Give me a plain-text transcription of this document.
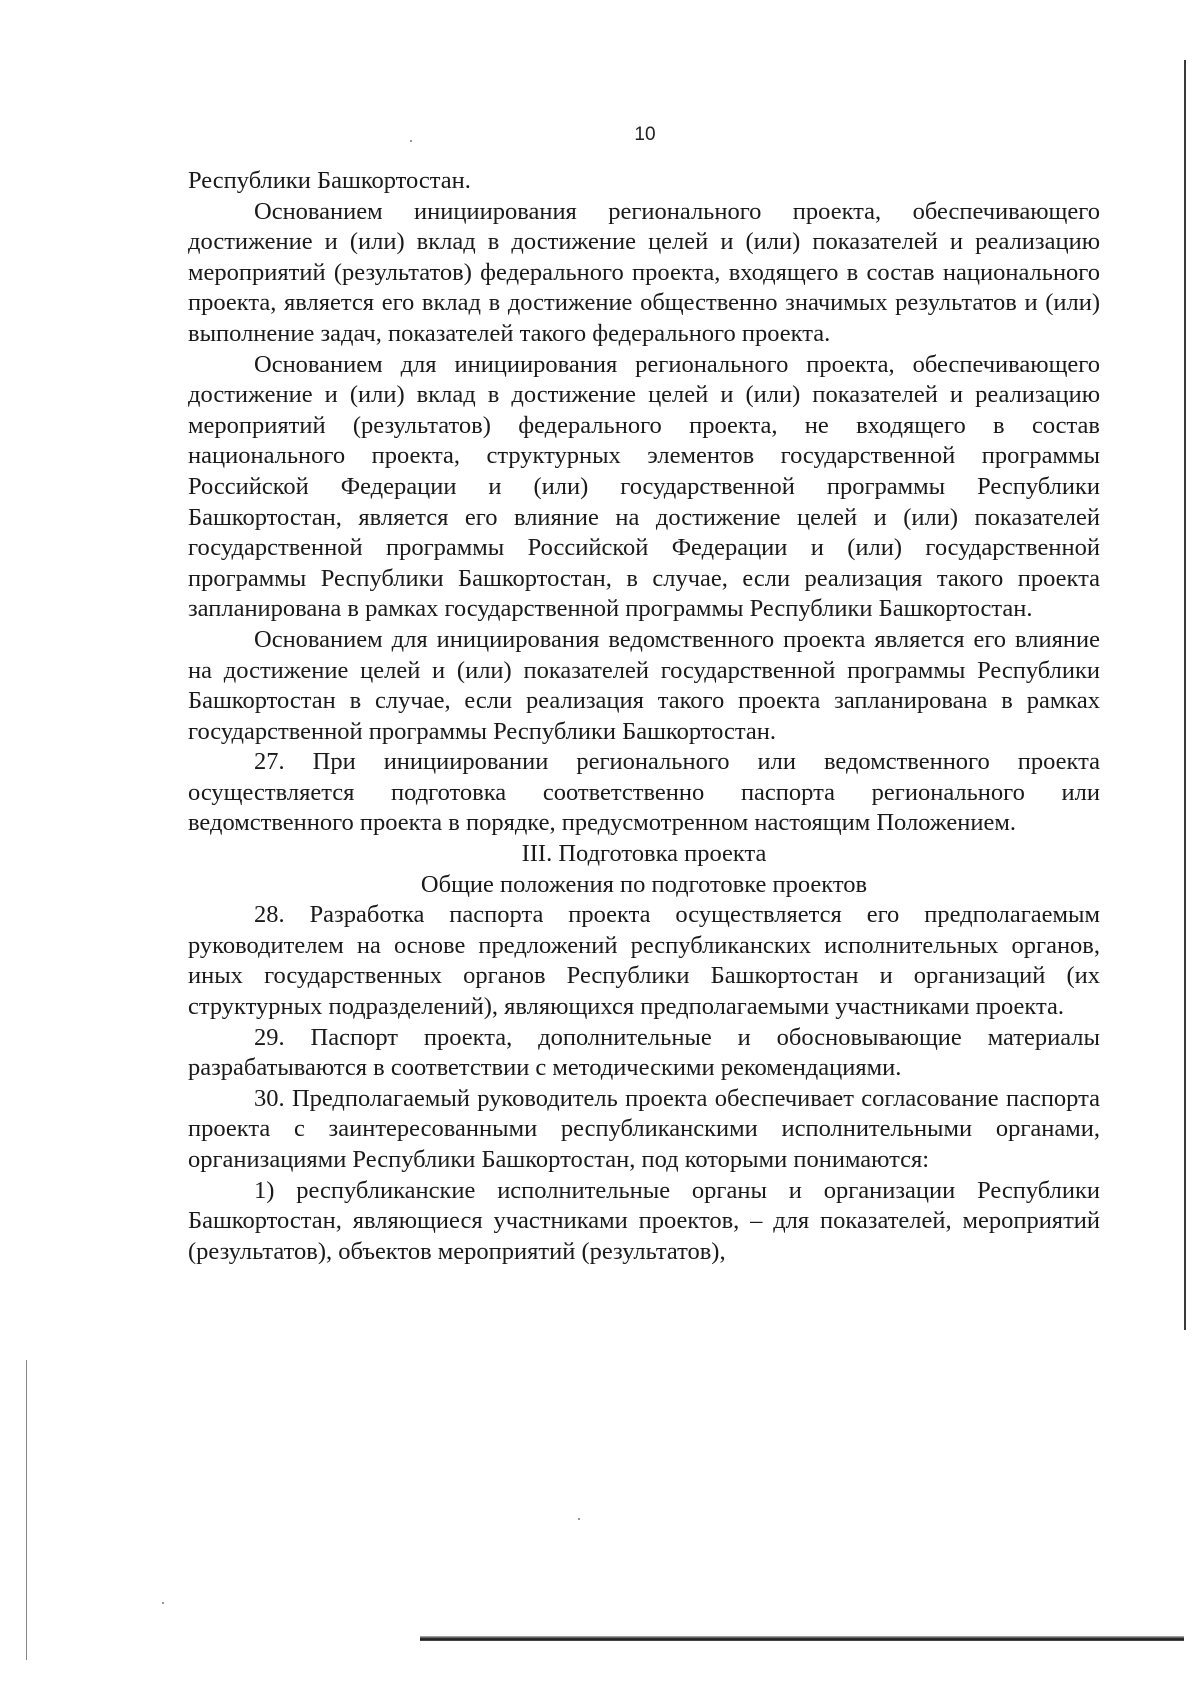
10

Республики Башкортостан.

Основанием инициирования регионального проекта, обеспечивающего достижение и (или) вклад в достижение целей и (или) показателей и реализацию мероприятий (результатов) федерального проекта, входящего в состав национального проекта, является его вклад в достижение общественно значимых результатов и (или) выполнение задач, показателей такого федерального проекта.

Основанием для инициирования регионального проекта, обеспечивающего достижение и (или) вклад в достижение целей и (или) показателей и реализацию мероприятий (результатов) федерального проекта, не входящего в состав национального проекта, структурных элементов государственной программы Российской Федерации и (или) государственной программы Республики Башкортостан, является его влияние на достижение целей и (или) показателей государственной программы Российской Федерации и (или) государственной программы Республики Башкортостан, в случае, если реализация такого проекта запланирована в рамках государственной программы Республики Башкортостан.

Основанием для инициирования ведомственного проекта является его влияние на достижение целей и (или) показателей государственной программы Республики Башкортостан в случае, если реализация такого проекта запланирована в рамках государственной программы Республики Башкортостан.

27. При инициировании регионального или ведомственного проекта осуществляется подготовка соответственно паспорта регионального или ведомственного проекта в порядке, предусмотренном настоящим Положением.

III. Подготовка проекта

Общие положения по подготовке проектов

28. Разработка паспорта проекта осуществляется его предполагаемым руководителем на основе предложений республиканских исполнительных органов, иных государственных органов Республики Башкортостан и организаций (их структурных подразделений), являющихся предполагаемыми участниками проекта.

29. Паспорт проекта, дополнительные и обосновывающие материалы разрабатываются в соответствии с методическими рекомендациями.

30. Предполагаемый руководитель проекта обеспечивает согласование паспорта проекта с заинтересованными республиканскими исполнительными органами, организациями Республики Башкортостан, под которыми понимаются:

1) республиканские исполнительные органы и организации Республики Башкортостан, являющиеся участниками проектов, – для показателей, мероприятий (результатов), объектов мероприятий (результатов),
